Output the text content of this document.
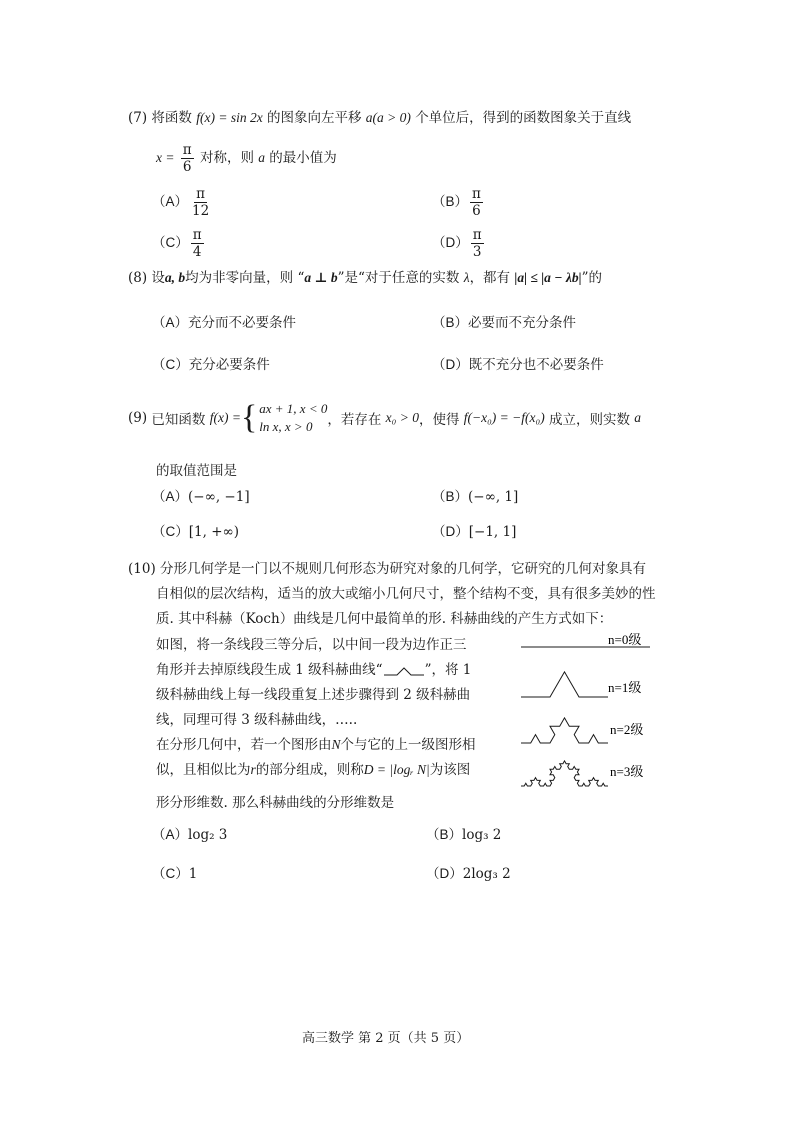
(7) 将函数 f(x) = sin 2x 的图象向左平移 a(a > 0) 个单位后，得到的函数图象关于直线
$x = \frac{\pi}{6}$ 对称，则 a 的最小值为
$(A) \frac{\pi}{12}$	$(B) \frac{\pi}{6}$
$(C) \frac{\pi}{4}$	$(D) \frac{\pi}{3}$
(8) 设a, b均为非零向量，则 “a ⊥ b”是“对于任意的实数 λ，都有 |a| ≤ |a − λb|”的
（A）充分而不必要条件	（B）必要而不充分条件
（C）充分必要条件	（D）既不充分也不必要条件
(9)
已知函数
f(x) = { ax + 1, x < 0
ln x, x > 0	，若存在
x₀ > 0 ，使得
f(−x₀) = −f(x₀)
成立，则实数
a
的取值范围是
（A）(−∞, −1]	（B）(−∞, 1]
（C）[1, +∞)	（D）[−1, 1]
(10) 分形几何学是一门以不规则几何形态为研究对象的几何学，它研究的几何对象具有
自相似的层次结构，适当的放大或缩小几何尺寸，整个结构不变，具有很多美妙的性
质. 其中科赫（Koch）曲线是几何中最简单的形. 科赫曲线的产生方式如下：
如图，将一条线段三等分后，以中间一段为边作正三
角形并去掉原线段生成 1 级科赫曲线“	”，将 1
级科赫曲线上每一线段重复上述步骤得到 2 级科赫曲
线，同理可得 3 级科赫曲线，…..
在分形几何中，若一个图形由N个与它的上一级图形相
似，且相似比为r的部分组成，则称D = |logᵣ N|为该图
形分形维数. 那么科赫曲线的分形维数是
n=0级
n=1级
n=2级
n=3级
（A）log₂ 3	（B）log₃ 2
（C）1	（D）2log₃ 2
高三数学 第 2 页（共 5 页）
